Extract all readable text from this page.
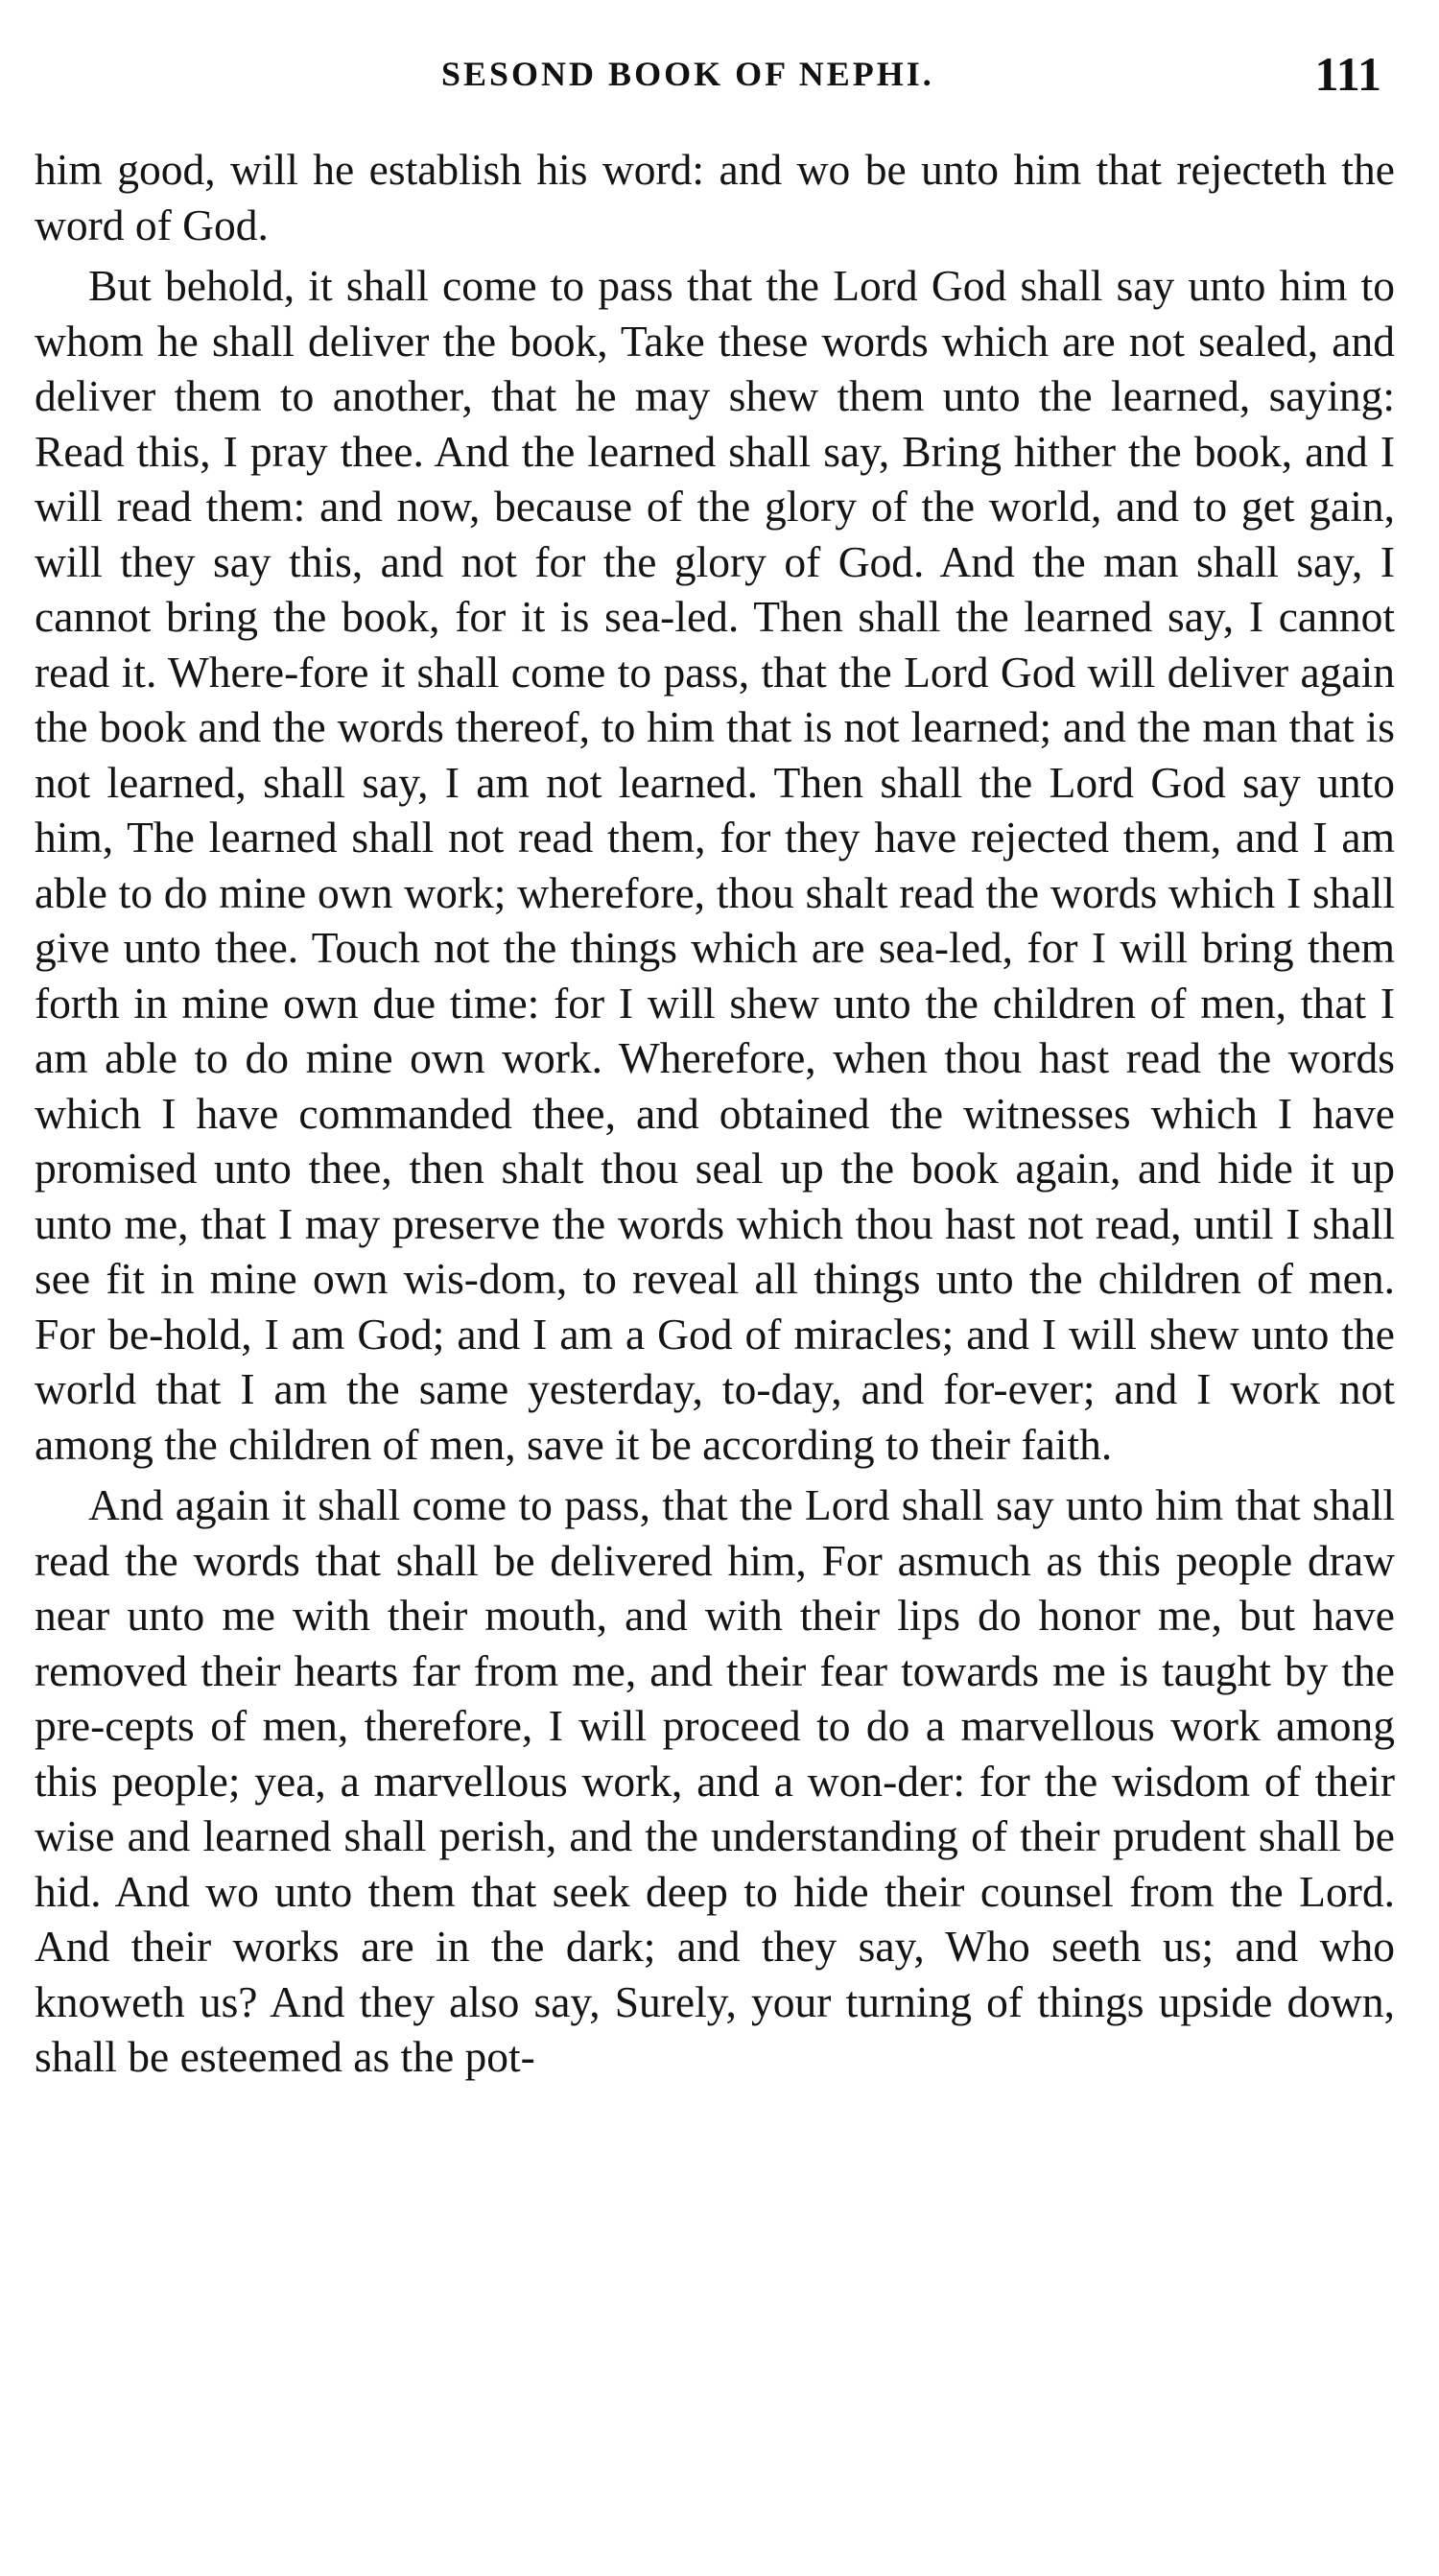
SESOND BOOK OF NEPHI.	111

him good, will he establish his word: and wo be unto him that rejecteth the word of God.

But behold, it shall come to pass that the Lord God shall say unto him to whom he shall deliver the book, Take these words which are not sealed, and deliver them to another, that he may shew them unto the learned, saying: Read this, I pray thee. And the learned shall say, Bring hither the book, and I will read them: and now, because of the glory of the world, and to get gain, will they say this, and not for the glory of God. And the man shall say, I cannot bring the book, for it is sea-led. Then shall the learned say, I cannot read it. Where-fore it shall come to pass, that the Lord God will deliver again the book and the words thereof, to him that is not learned; and the man that is not learned, shall say, I am not learned. Then shall the Lord God say unto him, The learned shall not read them, for they have rejected them, and I am able to do mine own work; wherefore, thou shalt read the words which I shall give unto thee. Touch not the things which are sea-led, for I will bring them forth in mine own due time: for I will shew unto the children of men, that I am able to do mine own work. Wherefore, when thou hast read the words which I have commanded thee, and obtained the witnesses which I have promised unto thee, then shalt thou seal up the book again, and hide it up unto me, that I may preserve the words which thou hast not read, until I shall see fit in mine own wis-dom, to reveal all things unto the children of men. For be-hold, I am God; and I am a God of miracles; and I will shew unto the world that I am the same yesterday, to-day, and for-ever; and I work not among the children of men, save it be according to their faith.

And again it shall come to pass, that the Lord shall say unto him that shall read the words that shall be delivered him, For asmuch as this people draw near unto me with their mouth, and with their lips do honor me, but have removed their hearts far from me, and their fear towards me is taught by the pre-cepts of men, therefore, I will proceed to do a marvellous work among this people; yea, a marvellous work, and a won-der: for the wisdom of their wise and learned shall perish, and the understanding of their prudent shall be hid. And wo unto them that seek deep to hide their counsel from the Lord. And their works are in the dark; and they say, Who seeth us; and who knoweth us? And they also say, Surely, your turning of things upside down, shall be esteemed as the pot-
